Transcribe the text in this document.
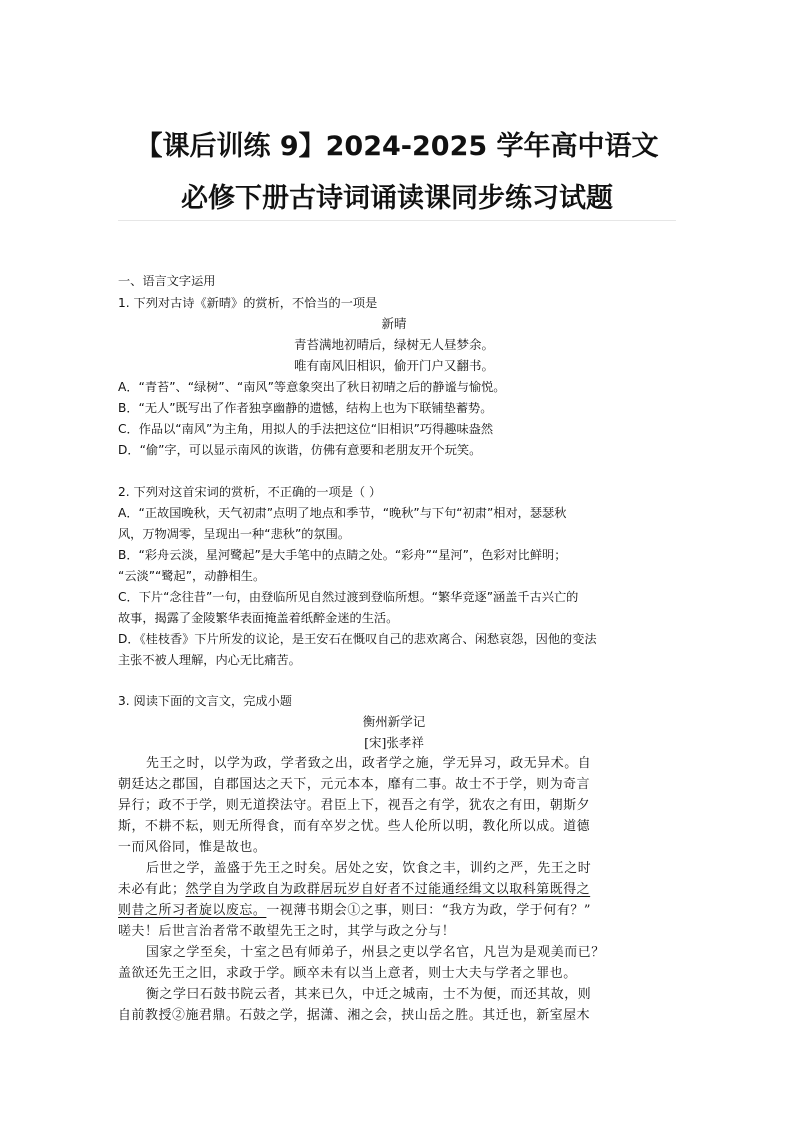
【课后训练 9】2024-2025 学年高中语文
必修下册古诗词诵读课同步练习试题
一、语言文字运用
1. 下列对古诗《新晴》的赏析，不恰当的一项是
新晴
青苔满地初晴后，绿树无人昼梦余。
唯有南风旧相识，偷开门户又翻书。
A．“青苔”、“绿树”、“南风”等意象突出了秋日初晴之后的静谧与愉悦。
B．“无人”既写出了作者独享幽静的遗憾，结构上也为下联铺垫蓄势。
C．作品以“南风”为主角，用拟人的手法把这位“旧相识”巧得趣味盎然
D．“偷”字，可以显示南风的诙谐，仿佛有意要和老朋友开个玩笑。
2. 下列对这首宋词的赏析，不正确的一项是（ ）
A．“正故国晚秋，天气初肃”点明了地点和季节，“晚秋”与下句“初肃”相对，瑟瑟秋
风，万物凋零，呈现出一种“悲秋”的氛围。
B．“彩舟云淡，星河鹭起”是大手笔中的点睛之处。“彩舟”“星河”，色彩对比鲜明；
“云淡”“鹭起”，动静相生。
C．下片“念往昔”一句，由登临所见自然过渡到登临所想。“繁华竞逐”涵盖千古兴亡的
故事，揭露了金陵繁华表面掩盖着纸醉金迷的生活。
D．《桂枝香》下片所发的议论，是王安石在慨叹自己的悲欢离合、闲愁哀怨，因他的变法
主张不被人理解，内心无比痛苦。
3. 阅读下面的文言文，完成小题
衡州新学记
[宋]张孝祥
先王之时，以学为政，学者致之出，政者学之施，学无异习，政无异术。自
朝廷达之郡国，自郡国达之天下，元元本本，靡有二事。故士不于学，则为奇言
异行；政不于学，则无道揆法守。君臣上下，视吾之有学，犹农之有田，朝斯夕
斯，不耕不耘，则无所得食，而有卒岁之忧。些人伦所以明，教化所以成。道德
一而风俗同，惟是故也。
后世之学，盖盛于先王之时矣。居处之安，饮食之丰，训约之严，先王之时
未必有此；然学自为学政自为政群居玩岁自好者不过能通经缉文以取科第既得之
则昔之所习者旋以废忘。一视薄书期会①之事，则曰：“我方为政，学于何有？”
嗟夫！后世言治者常不敢望先王之时，其学与政之分与！
国家之学至矣，十室之邑有师弟子，州县之吏以学名官，凡岂为是观美而已？
盖欲还先王之旧，求政于学。顾卒未有以当上意者，则士大夫与学者之罪也。
衡之学曰石鼓书院云者，其来已久，中迁之城南，士不为便，而还其故，则
自前教授②施君鼎。石鼓之学，据潇、湘之会，挟山岳之胜。其迁也，新室屋木
